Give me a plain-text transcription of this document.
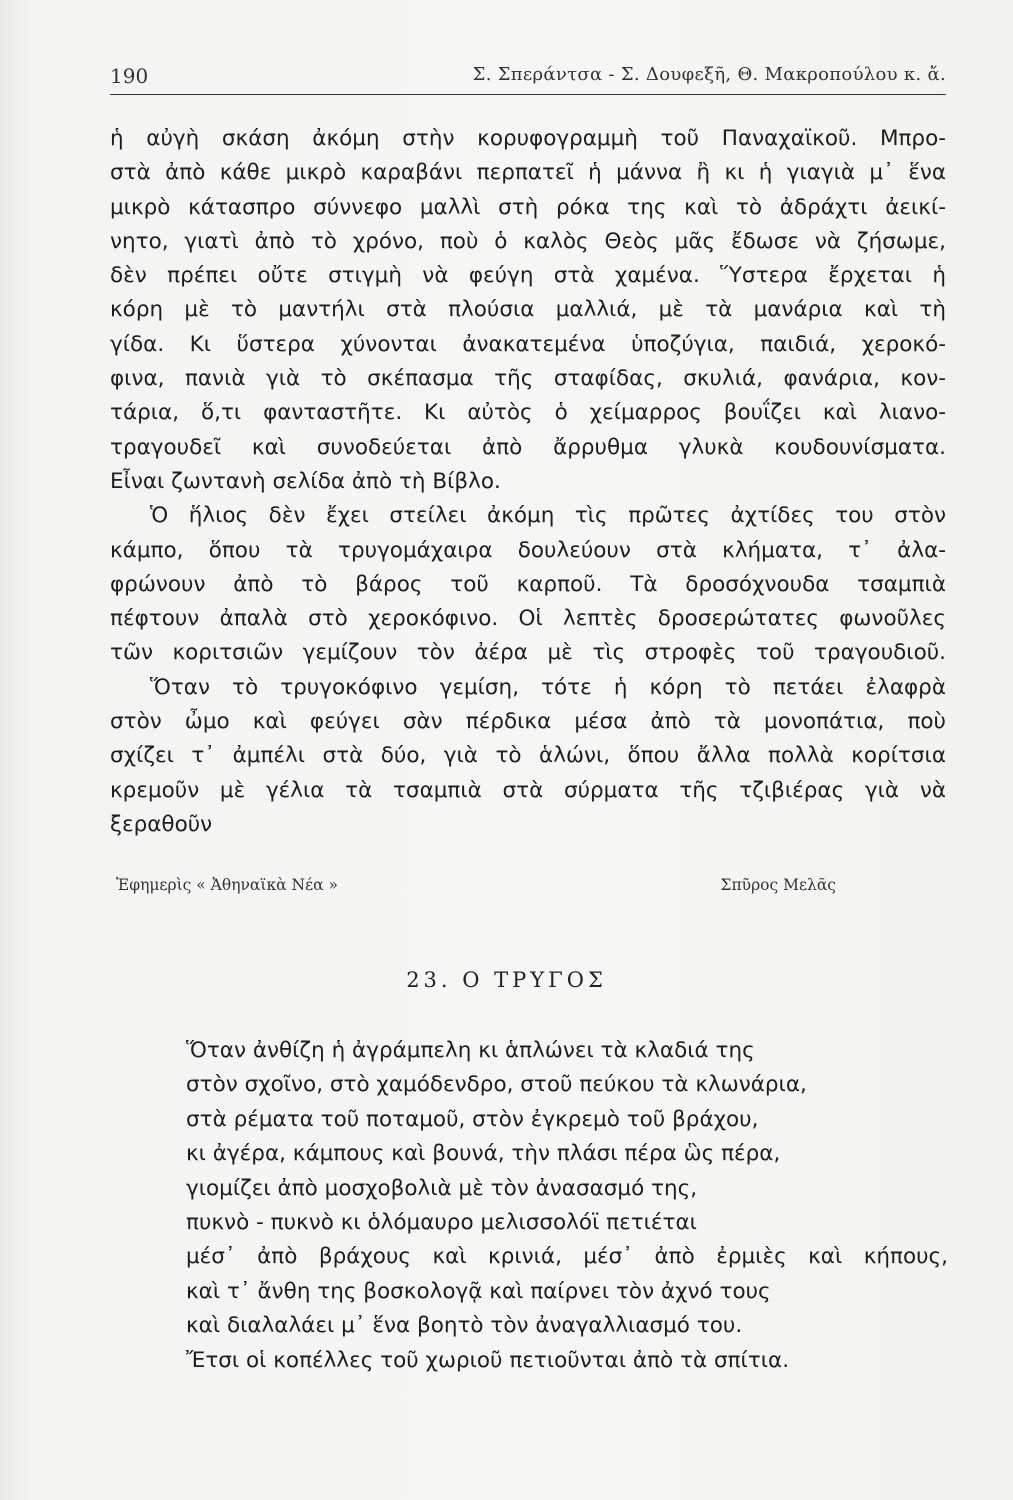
190	Σ. Σπεράντσα - Σ. Δουφεξῆ, Θ. Μακροπούλου κ. ἄ.
ἡ αὐγὴ σκάση ἀκόμη στὴν κορυφογραμμὴ τοῦ Παναχαϊκοῦ. Μπρο-
στὰ ἀπὸ κάθε μικρὸ καραβάνι περπατεῖ ἡ μάννα ἢ κι ἡ γιαγιὰ μ᾿ ἕνα
μικρὸ κάτασπρο σύννεφο μαλλὶ στὴ ρόκα της καὶ τὸ ἀδράχτι ἀεικί-
νητο, γιατὶ ἀπὸ τὸ χρόνο, ποὺ ὁ καλὸς Θεὸς μᾶς ἔδωσε νὰ ζήσωμε,
δὲν πρέπει οὔτε στιγμὴ νὰ φεύγη στὰ χαμένα. Ὕστερα ἔρχεται ἡ
κόρη μὲ τὸ μαντήλι στὰ πλούσια μαλλιά, μὲ τὰ μανάρια καὶ τὴ
γίδα. Κι ὕστερα χύνονται ἀνακατεμένα ὑποζύγια, παιδιά, χεροκό-
φινα, πανιὰ γιὰ τὸ σκέπασμα τῆς σταφίδας, σκυλιά, φανάρια, κον-
τάρια, ὅ,τι φανταστῆτε. Κι αὐτὸς ὁ χείμαρρος βουΐζει καὶ λιανο-
τραγουδεῖ καὶ συνοδεύεται ἀπὸ ἄρρυθμα γλυκὰ κουδουνίσματα.
Εἶναι ζωντανὴ σελίδα ἀπὸ τὴ Βίβλο.
Ὁ ἥλιος δὲν ἔχει στείλει ἀκόμη τὶς πρῶτες ἀχτίδες του στὸν
κάμπο, ὅπου τὰ τρυγομάχαιρα δουλεύουν στὰ κλήματα, τ᾿ ἀλα-
φρώνουν ἀπὸ τὸ βάρος τοῦ καρποῦ. Τὰ δροσόχνουδα τσαμπιὰ
πέφτουν ἀπαλὰ στὸ χεροκόφινο. Οἱ λεπτὲς δροσερώτατες φωνοῦλες
τῶν κοριτσιῶν γεμίζουν τὸν ἀέρα μὲ τὶς στροφὲς τοῦ τραγουδιοῦ.
Ὅταν τὸ τρυγοκόφινο γεμίση, τότε ἡ κόρη τὸ πετάει ἐλαφρὰ
στὸν ὦμο καὶ φεύγει σὰν πέρδικα μέσα ἀπὸ τὰ μονοπάτια, ποὺ
σχίζει τ᾿ ἀμπέλι στὰ δύο, γιὰ τὸ ἁλώνι, ὅπου ἄλλα πολλὰ κορίτσια
κρεμοῦν μὲ γέλια τὰ τσαμπιὰ στὰ σύρματα τῆς τζιβιέρας γιὰ νὰ
ξεραθοῦν
Ἐφημερὶς « Ἀθηναϊκὰ Νέα »	Σπῦρος Μελᾶς
23. Ο ΤΡΥΓΟΣ
Ὅταν ἀνθίζη ἡ ἀγράμπελη κι ἁπλώνει τὰ κλαδιά της
στὸν σχοῖνο, στὸ χαμόδενδρο, στοῦ πεύκου τὰ κλωνάρια,
στὰ ρέματα τοῦ ποταμοῦ, στὸν ἐγκρεμὸ τοῦ βράχου,
κι ἀγέρα, κάμπους καὶ βουνά, τὴν πλάσι πέρα ὣς πέρα,
γιομίζει ἀπὸ μοσχοβολιὰ μὲ τὸν ἀνασασμό της,
πυκνὸ - πυκνὸ κι ὁλόμαυρο μελισσολόϊ πετιέται
μέσ᾿ ἀπὸ βράχους καὶ κρινιά, μέσ᾿ ἀπὸ ἐρμιὲς καὶ κήπους,
καὶ τ᾿ ἄνθη της βοσκολογᾷ καὶ παίρνει τὸν ἀχνό τους
καὶ διαλαλάει μ᾿ ἕνα βοητὸ τὸν ἀναγαλλιασμό του.
Ἔτσι οἱ κοπέλλες τοῦ χωριοῦ πετιοῦνται ἀπὸ τὰ σπίτια.
